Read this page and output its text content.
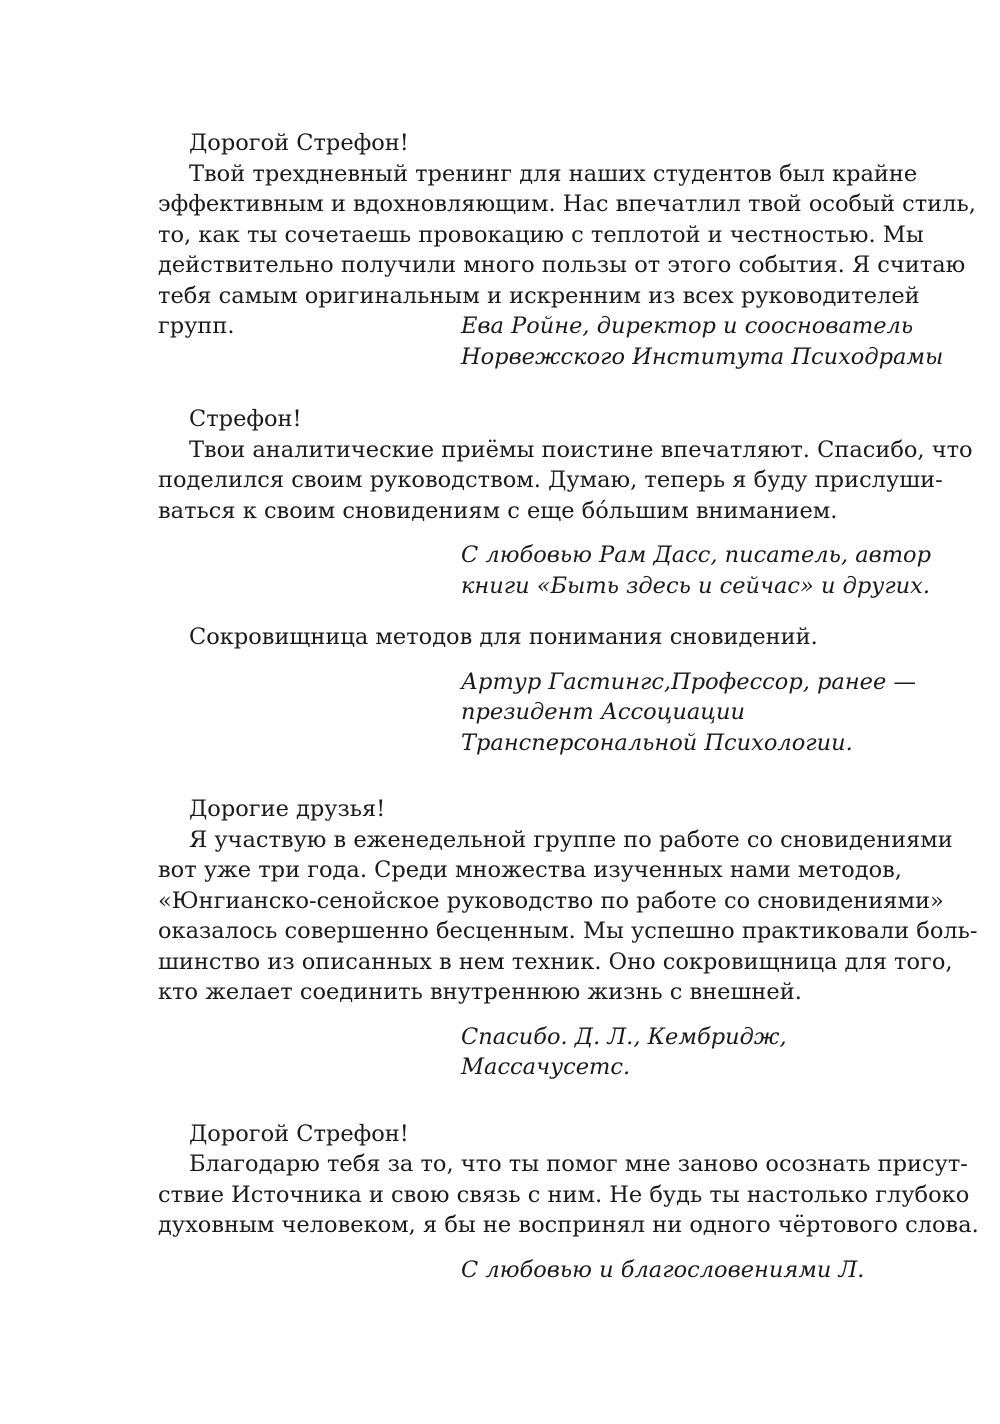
Дорогой Стрефон!
Твой трехдневный тренинг для наших студентов был крайне
эффективным и вдохновляющим. Нас впечатлил твой особый стиль,
то, как ты сочетаешь провокацию с теплотой и честностью. Мы
действительно получили много пользы от этого события. Я считаю
тебя самым оригинальным и искренним из всех руководителей
групп.	Ева Ройне, директор и сооснователь
Норвежского Института Психодрамы
Стрефон!
Твои аналитические приёмы поистине впечатляют. Спасибо, что
поделился своим руководством. Думаю, теперь я буду прислуши-
ваться к своим сновидениям с еще бо́льшим вниманием.
С любовью Рам Дасс, писатель, автор
книги «Быть здесь и сейчас» и других.
Сокровищница методов для понимания сновидений.
Артур Гастингс,Профессор, ранее —
президент Ассоциации
Трансперсональной Психологии.
Дорогие друзья!
Я участвую в еженедельной группе по работе со сновидениями
вот уже три года. Среди множества изученных нами методов,
«Юнгианско-сенойское руководство по работе со сновидениями»
оказалось совершенно бесценным. Мы успешно практиковали боль-
шинство из описанных в нем техник. Оно сокровищница для того,
кто желает соединить внутреннюю жизнь с внешней.
Спасибо. Д. Л., Кембридж,
Массачусетс.
Дорогой Стрефон!
Благодарю тебя за то, что ты помог мне заново осознать присут-
ствие Источника и свою связь с ним. Не будь ты настолько глубоко
духовным человеком, я бы не воспринял ни одного чёртового слова.
С любовью и благословениями Л.
